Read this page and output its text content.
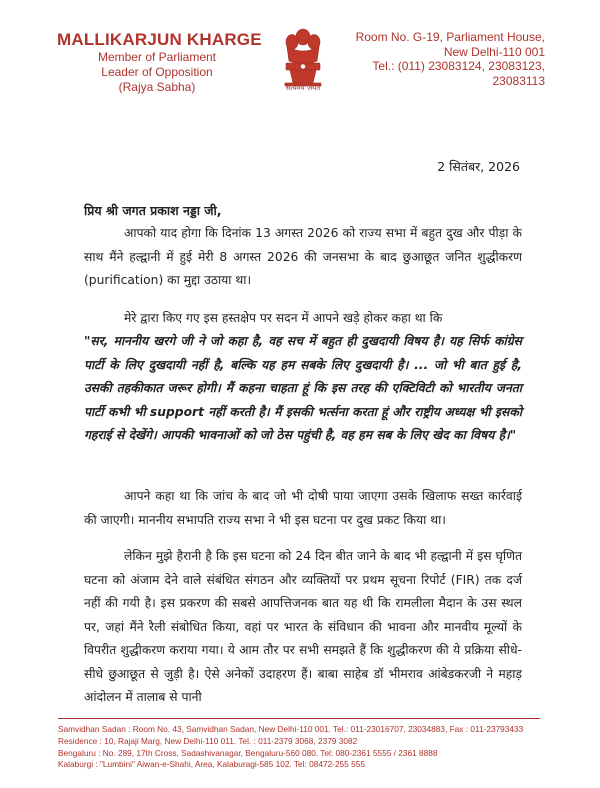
MALLIKARJUN KHARGE
Member of Parliament
Leader of Opposition
(Rajya Sabha)	सत्यमेव जयते
Room No. G-19, Parliament House,
New Delhi-110 001
Tel.: (011) 23083124, 23083123,
23083113
2 सितंबर, 2026
प्रिय श्री जगत प्रकाश नड्डा जी,
आपको याद होगा कि दिनांक 13 अगस्त 2026 को राज्य सभा में बहुत दुख और पीड़ा के साथ मैंने हल्द्वानी में हुई मेरी 8 अगस्त 2026 की जनसभा के बाद छुआछूत जनित शुद्धीकरण (purification) का मुद्दा उठाया था।
मेरे द्वारा किए गए इस हस्तक्षेप पर सदन में आपने खड़े होकर कहा था कि
"सर, माननीय खरगे जी ने जो कहा है, वह सच में बहुत ही दुखदायी विषय है। यह सिर्फ कांग्रेस पार्टी के लिए दुखदायी नहीं है, बल्कि यह हम सबके लिए दुखदायी है। ... जो भी बात हुई है, उसकी तहकीकात जरूर होगी। मैं कहना चाहता हूं कि इस तरह की एक्टिविटी को भारतीय जनता पार्टी कभी भी support नहीं करती है। मैं इसकी भर्त्सना करता हूं और राष्ट्रीय अध्यक्ष भी इसको गहराई से देखेंगे। आपकी भावनाओं को जो ठेस पहुंची है, वह हम सब के लिए खेद का विषय है।"
आपने कहा था कि जांच के बाद जो भी दोषी पाया जाएगा उसके खिलाफ सख्त कार्रवाई की जाएगी। माननीय सभापति राज्य सभा ने भी इस घटना पर दुख प्रकट किया था।
लेकिन मुझे हैरानी है कि इस घटना को 24 दिन बीत जाने के बाद भी हल्द्वानी में इस घृणित घटना को अंजाम देने वाले संबंधित संगठन और व्यक्तियों पर प्रथम सूचना रिपोर्ट (FIR) तक दर्ज नहीं की गयी है। इस प्रकरण की सबसे आपत्तिजनक बात यह थी कि रामलीला मैदान के उस स्थल पर, जहां मैंने रैली संबोधित किया, वहां पर भारत के संविधान की भावना और मानवीय मूल्यों के विपरीत शुद्धीकरण कराया गया। ये आम तौर पर सभी समझते हैं कि शुद्धीकरण की ये प्रक्रिया सीधे-सीधे छुआछूत से जुड़ी है। ऐसे अनेकों उदाहरण हैं। बाबा साहेब डॉ भीमराव आंबेडकरजी ने महाड़ आंदोलन में तालाब से पानी
Samvidhan Sadan : Room No. 43, Samvidhan Sadan, New Delhi-110 001. Tel.: 011-23016707, 23034883, Fax : 011-23793433
Residence : 10, Rajaji Marg, New Delhi-110 011. Tel. : 011-2379 3068, 2379 3082
Bengaluru : No. 289, 17th Cross, Sadashivanagar, Bengaluru-560 080. Tel: 080-2361 5555 / 2361 8888
Kalaburgi : "Lumbini" Aiwan-e-Shahi, Area, Kalaburagi-585 102. Tel: 08472-255 555
